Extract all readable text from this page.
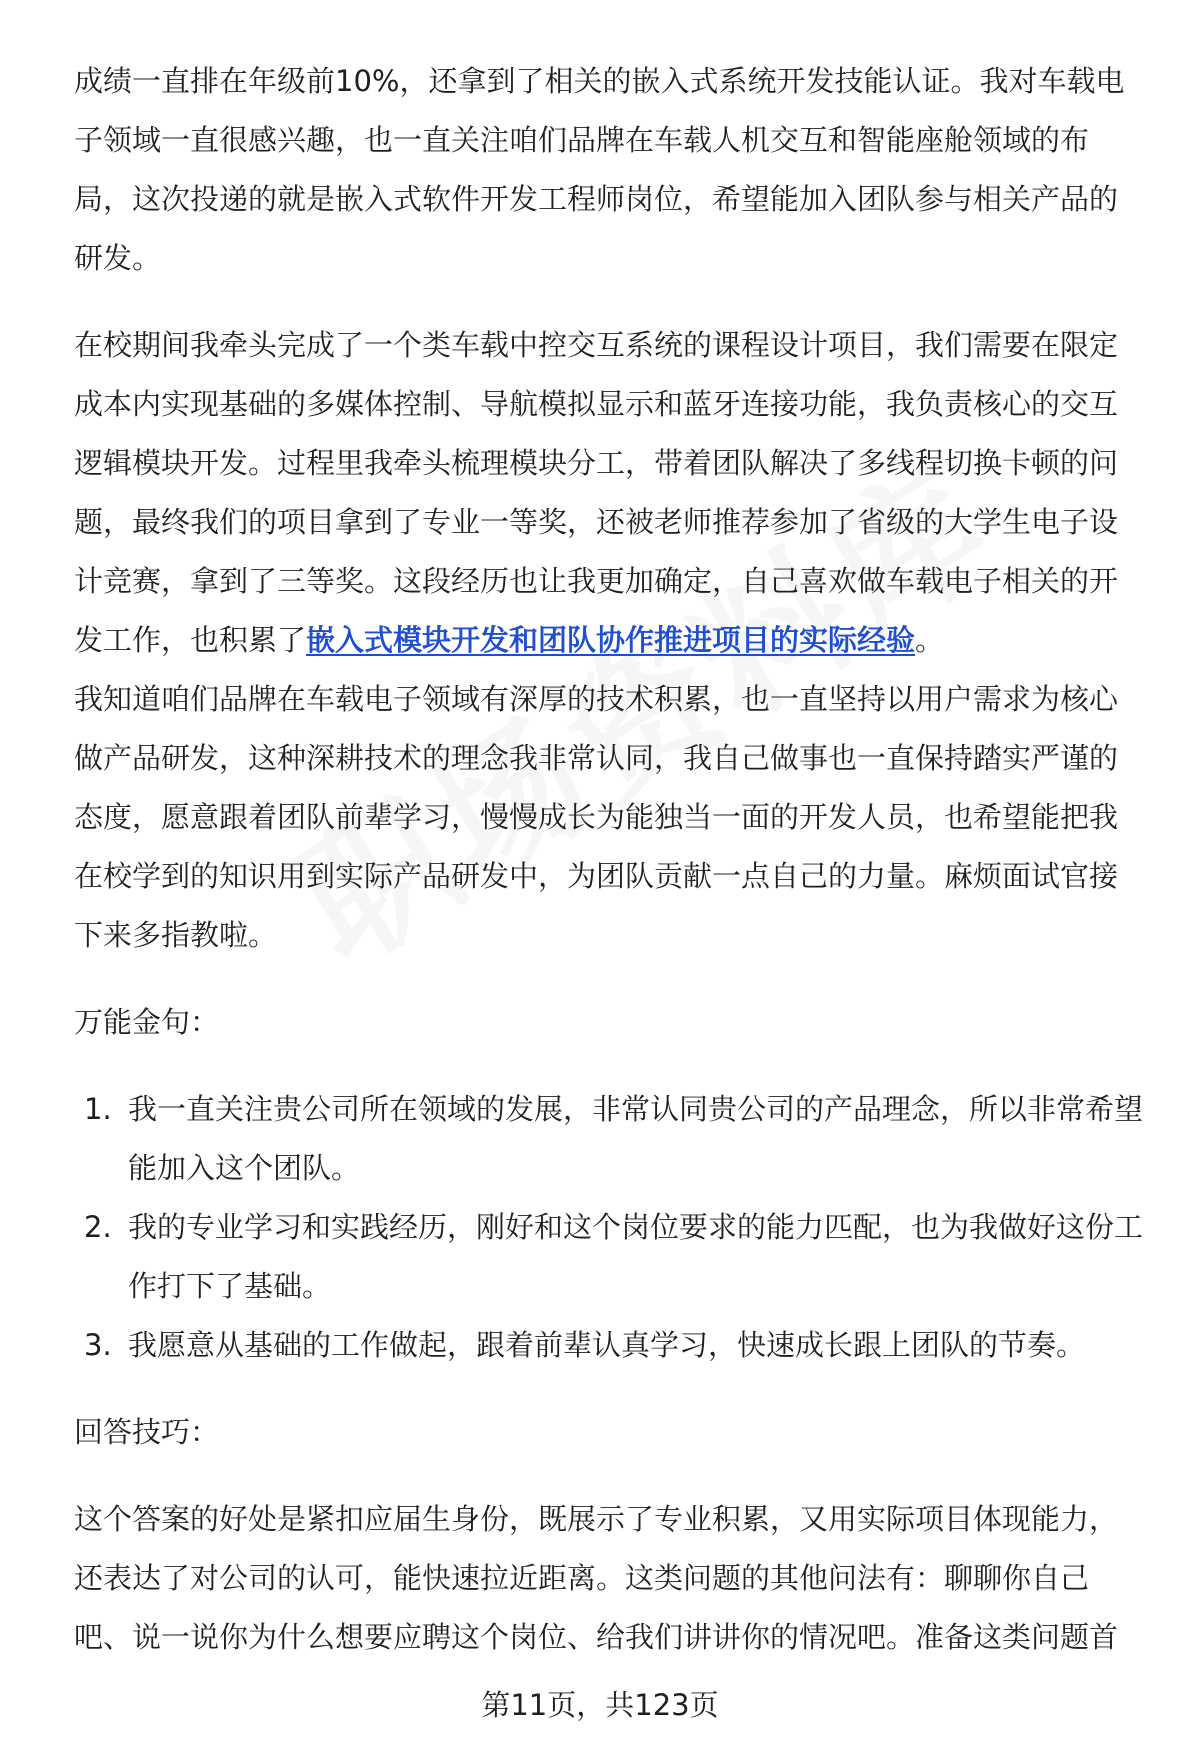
成绩一直排在年级前10%，还拿到了相关的嵌入式系统开发技能认证。我对车载电子领域一直很感兴趣，也一直关注咱们品牌在车载人机交互和智能座舱领域的布局，这次投递的就是嵌入式软件开发工程师岗位，希望能加入团队参与相关产品的研发。

在校期间我牵头完成了一个类车载中控交互系统的课程设计项目，我们需要在限定成本内实现基础的多媒体控制、导航模拟显示和蓝牙连接功能，我负责核心的交互逻辑模块开发。过程里我牵头梳理模块分工，带着团队解决了多线程切换卡顿的问题，最终我们的项目拿到了专业一等奖，还被老师推荐参加了省级的大学生电子设计竞赛，拿到了三等奖。这段经历也让我更加确定，自己喜欢做车载电子相关的开发工作，也积累了嵌入式模块开发和团队协作推进项目的实际经验。

我知道咱们品牌在车载电子领域有深厚的技术积累，也一直坚持以用户需求为核心做产品研发，这种深耕技术的理念我非常认同，我自己做事也一直保持踏实严谨的态度，愿意跟着团队前辈学习，慢慢成长为能独当一面的开发人员，也希望能把我在校学到的知识用到实际产品研发中，为团队贡献一点自己的力量。麻烦面试官接下来多指教啦。

万能金句：

1. 我一直关注贵公司所在领域的发展，非常认同贵公司的产品理念，所以非常希望能加入这个团队。
2. 我的专业学习和实践经历，刚好和这个岗位要求的能力匹配，也为我做好这份工作打下了基础。
3. 我愿意从基础的工作做起，跟着前辈认真学习，快速成长跟上团队的节奏。

回答技巧：

这个答案的好处是紧扣应届生身份，既展示了专业积累，又用实际项目体现能力，还表达了对公司的认可，能快速拉近距离。这类问题的其他问法有：聊聊你自己吧、说一说你为什么想要应聘这个岗位、给我们讲讲你的情况吧。准备这类问题首

第11页，共123页
